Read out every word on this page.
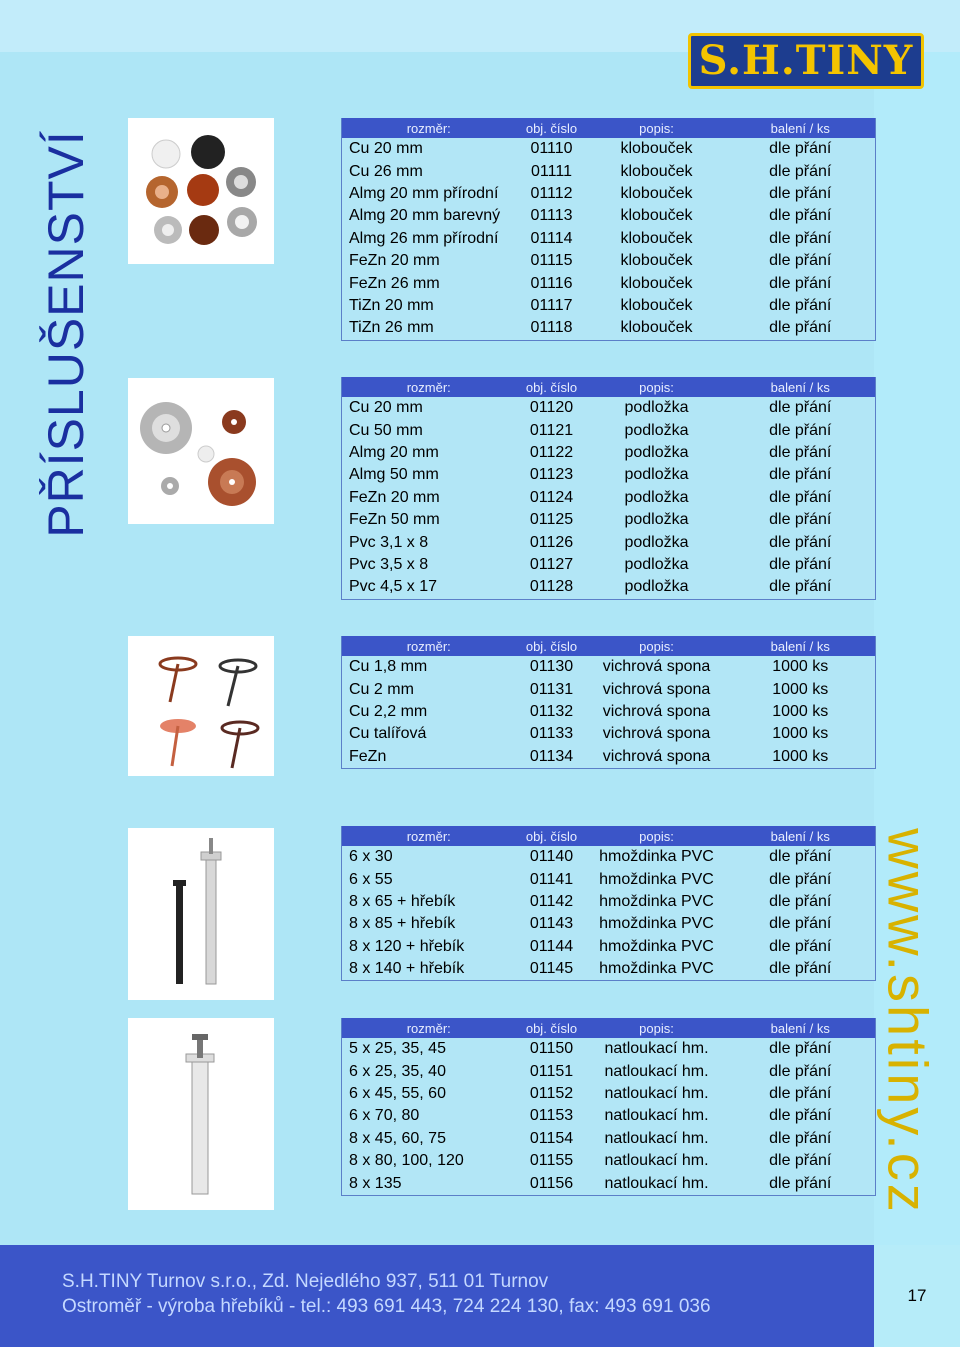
S.H.TINY
PŘÍSLUŠENSTVÍ
www.shtiny.cz
rozměr:	obj. číslo	popis:	balení / ks
Cu 20 mm	01110	klobouček	dle přání
Cu 26 mm	01111	klobouček	dle přání
Almg 20 mm přírodní	01112	klobouček	dle přání
Almg 20 mm barevný	01113	klobouček	dle přání
Almg 26 mm přírodní	01114	klobouček	dle přání
FeZn 20 mm	01115	klobouček	dle přání
FeZn 26 mm	01116	klobouček	dle přání
TiZn 20 mm	01117	klobouček	dle přání
TiZn 26 mm	01118	klobouček	dle přání
rozměr:	obj. číslo	popis:	balení / ks
Cu 20 mm	01120	podložka	dle přání
Cu 50 mm	01121	podložka	dle přání
Almg 20 mm	01122	podložka	dle přání
Almg 50 mm	01123	podložka	dle přání
FeZn 20 mm	01124	podložka	dle přání
FeZn 50 mm	01125	podložka	dle přání
Pvc 3,1 x 8	01126	podložka	dle přání
Pvc 3,5 x 8	01127	podložka	dle přání
Pvc 4,5 x 17	01128	podložka	dle přání
rozměr:	obj. číslo	popis:	balení / ks
Cu 1,8 mm	01130	vichrová spona	1000 ks
Cu 2 mm	01131	vichrová spona	1000 ks
Cu 2,2 mm	01132	vichrová spona	1000 ks
Cu talířová	01133	vichrová spona	1000 ks
FeZn	01134	vichrová spona	1000 ks
rozměr:	obj. číslo	popis:	balení / ks
6 x 30	01140	hmoždinka PVC	dle přání
6 x 55	01141	hmoždinka PVC	dle přání
8 x 65 + hřebík	01142	hmoždinka PVC	dle přání
8 x 85 + hřebík	01143	hmoždinka PVC	dle přání
8 x 120 + hřebík	01144	hmoždinka PVC	dle přání
8 x 140 + hřebík	01145	hmoždinka PVC	dle přání
rozměr:	obj. číslo	popis:	balení / ks
5 x 25, 35, 45	01150	natloukací hm.	dle přání
6 x 25, 35, 40	01151	natloukací hm.	dle přání
6 x 45, 55, 60	01152	natloukací hm.	dle přání
6 x 70, 80	01153	natloukací hm.	dle přání
8 x 45, 60, 75	01154	natloukací hm.	dle přání
8 x 80, 100, 120	01155	natloukací hm.	dle přání
8 x 135	01156	natloukací hm.	dle přání
S.H.TINY Turnov s.r.o., Zd. Nejedlého 937, 511 01 Turnov
Ostroměř - výroba hřebíků - tel.: 493 691 443, 724 224 130, fax: 493 691 036
17
